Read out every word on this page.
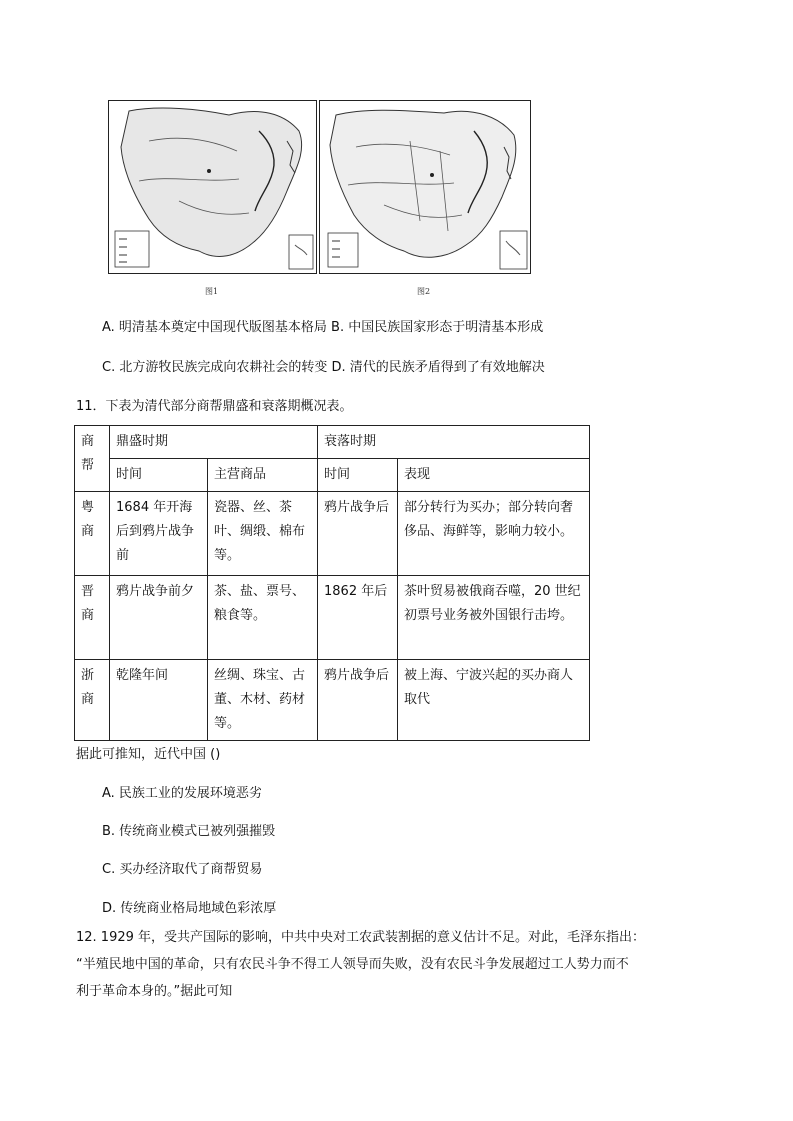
图1	图2
A. 明清基本奠定中国现代版图基本格局 B. 中国民族国家形态于明清基本形成
C. 北方游牧民族完成向农耕社会的转变 D. 清代的民族矛盾得到了有效地解决
11．下表为清代部分商帮鼎盛和衰落期概况表。
商帮	鼎盛时期		衰落时期	
	时间	主营商品	时间	表现
粤商	1684 年开海后到鸦片战争前	瓷器、丝、茶叶、绸缎、棉布等。	鸦片战争后	部分转行为买办；部分转向奢侈品、海鲜等，影响力较小。
晋商	鸦片战争前夕	茶、盐、票号、粮食等。	1862 年后	茶叶贸易被俄商吞噬，20 世纪初票号业务被外国银行击垮。
浙商	乾隆年间	丝绸、珠宝、古董、木材、药材等。	鸦片战争后	被上海、宁波兴起的买办商人取代
据此可推知，近代中国 ()
A. 民族工业的发展环境恶劣
B. 传统商业模式已被列强摧毁
C. 买办经济取代了商帮贸易
D. 传统商业格局地域色彩浓厚
12. 1929 年，受共产国际的影响，中共中央对工农武装割据的意义估计不足。对此，毛泽东指出：
“半殖民地中国的革命，只有农民斗争不得工人领导而失败，没有农民斗争发展超过工人势力而不
利于革命本身的。”据此可知
